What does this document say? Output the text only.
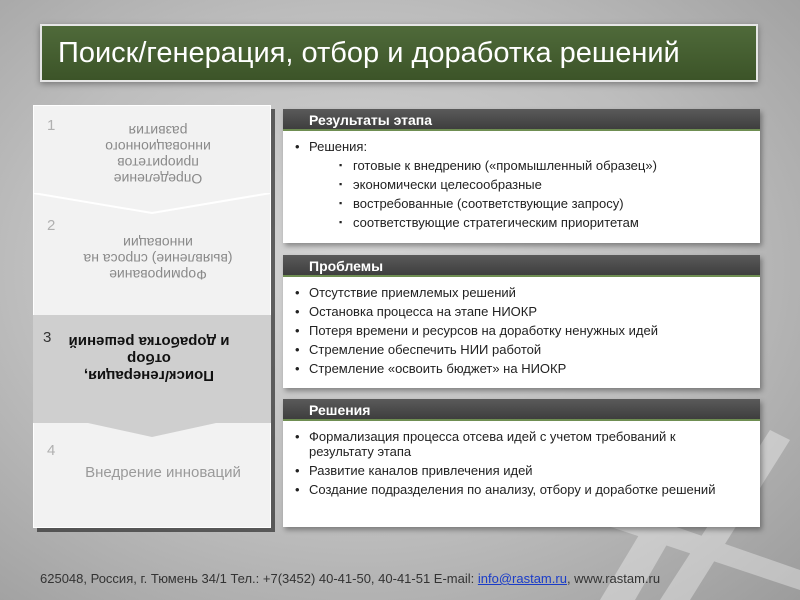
Поиск/генерация, отбор и доработка решений
1
Определение
приоритетов
инновационного
развития
2
Формирование
(выявление) спроса на
инновации
3
Поиск/генерация,
отбор
и доработка решений
4
Внедрение инноваций
Результаты этапа
• Решения:
▪ готовые к внедрению («промышленный образец»)
▪ экономически целесообразные
▪ востребованные (соответствующие запросу)
▪ соответствующие стратегическим приоритетам
Проблемы
• Отсутствие приемлемых решений
• Остановка процесса на этапе НИОКР
• Потеря времени и ресурсов на доработку ненужных идей
• Стремление обеспечить НИИ работой
• Стремление «освоить бюджет» на НИОКР
Решения
• Формализация процесса отсева идей с учетом требований к результату этапа
• Развитие каналов привлечения идей
• Создание подразделения по анализу, отбору и доработке решений
625048, Россия, г. Тюмень 34/1 Тел.: +7(3452) 40-41-50, 40-41-51 E-mail: info@rastam.ru, www.rastam.ru
